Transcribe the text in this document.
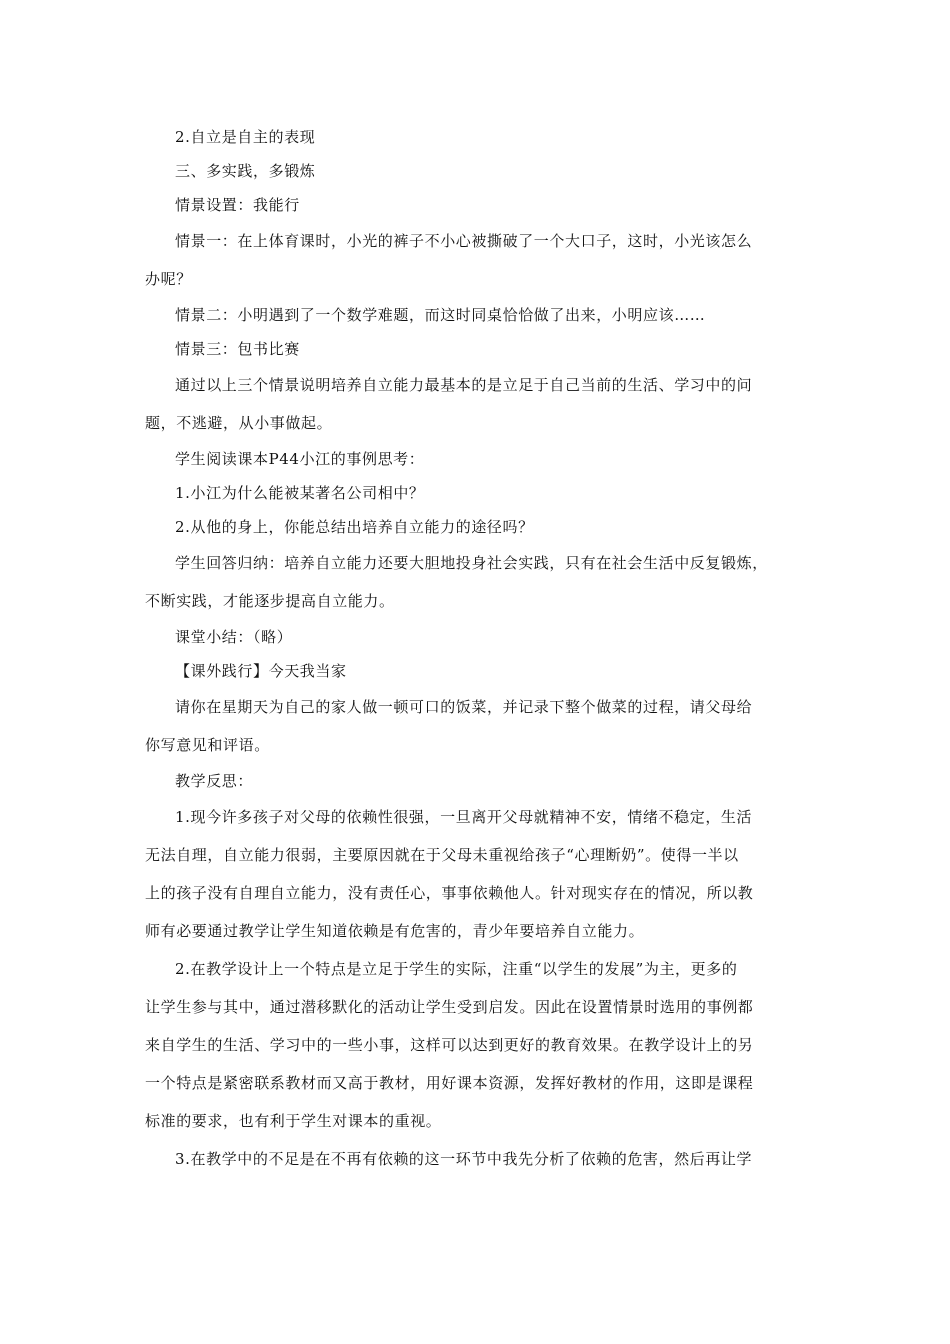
2.自立是自主的表现
三、多实践，多锻炼
情景设置：我能行
情景一：在上体育课时，小光的裤子不小心被撕破了一个大口子，这时，小光该怎么
办呢？
情景二：小明遇到了一个数学难题，而这时同桌恰恰做了出来，小明应该……
情景三：包书比赛
通过以上三个情景说明培养自立能力最基本的是立足于自己当前的生活、学习中的问
题，不逃避，从小事做起。
学生阅读课本P44小江的事例思考：
1.小江为什么能被某著名公司相中？
2.从他的身上，你能总结出培养自立能力的途径吗？
学生回答归纳：培养自立能力还要大胆地投身社会实践，只有在社会生活中反复锻炼，
不断实践，才能逐步提高自立能力。
课堂小结：（略）
【课外践行】今天我当家
请你在星期天为自己的家人做一顿可口的饭菜，并记录下整个做菜的过程，请父母给
你写意见和评语。
教学反思：
1.现今许多孩子对父母的依赖性很强，一旦离开父母就精神不安，情绪不稳定，生活
无法自理，自立能力很弱，主要原因就在于父母未重视给孩子“心理断奶”。使得一半以
上的孩子没有自理自立能力，没有责任心，事事依赖他人。针对现实存在的情况，所以教
师有必要通过教学让学生知道依赖是有危害的，青少年要培养自立能力。
2.在教学设计上一个特点是立足于学生的实际，注重“以学生的发展”为主，更多的
让学生参与其中，通过潜移默化的活动让学生受到启发。因此在设置情景时选用的事例都
来自学生的生活、学习中的一些小事，这样可以达到更好的教育效果。在教学设计上的另
一个特点是紧密联系教材而又高于教材，用好课本资源，发挥好教材的作用，这即是课程
标准的要求，也有利于学生对课本的重视。
3.在教学中的不足是在不再有依赖的这一环节中我先分析了依赖的危害，然后再让学
